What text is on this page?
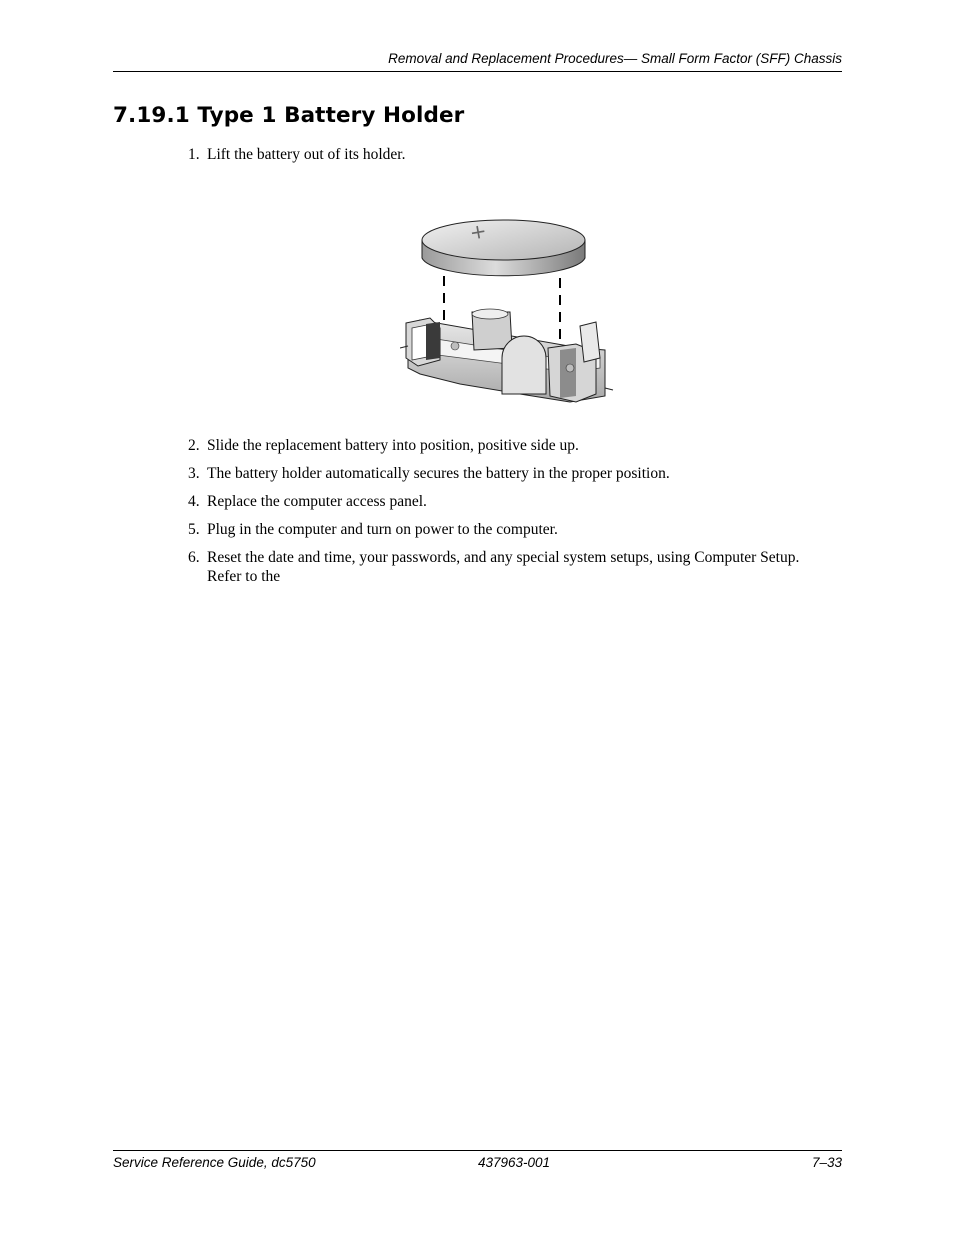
Removal and Replacement Procedures— Small Form Factor (SFF) Chassis
7.19.1 Type 1 Battery Holder
1. Lift the battery out of its holder.
+
2. Slide the replacement battery into position, positive side up.
3. The battery holder automatically secures the battery in the proper position.
4. Replace the computer access panel.
5. Plug in the computer and turn on power to the computer.
6. Reset the date and time, your passwords, and any special system setups, using Computer Setup. Refer to the
Service Reference Guide, dc5750	437963-001	7–33
